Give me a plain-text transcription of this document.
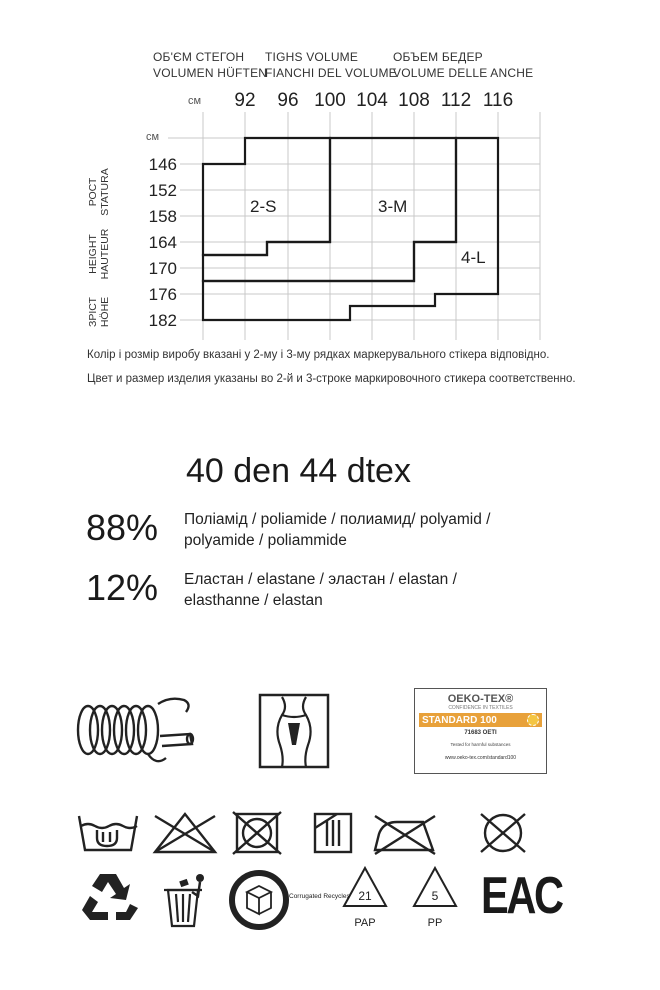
ОБ'ЄМ СТЕГОН
VOLUMEN HÜFTEN
TIGHS VOLUME
FIANCHI DEL VOLUME
ОБЪЕМ БЕДЕР
VOLUME DELLE ANCHE
см 92 96 100 104 108 112 116
см
146
152
158
164
170
176
182
РОСТ STATURA
HEIGHT HAUTEUR
ЗРІСТ HÖHE
2-S	3-M
4-L
Колір і розмір виробу вказані у 2-му і 3-му рядках маркерувального стікера відповідно.
Цвет и размер изделия указаны во 2-й и 3-строке маркировочного стикера соответственно.
40 den 44 dtex
88% Поліамід / poliamide / полиамид/ polyamid /
polyamide / poliammide
12% Еластан / elastane / эластан / elastan /
elasthanne / elastan
OEKO-TEX®
CONFIDENCE IN TEXTILES
STANDARD 100
71683 OETI
Tested for harmful substances
www.oeko-tex.com/standard100
Corrugated Recycles 21
PAP
5
PP EAC
